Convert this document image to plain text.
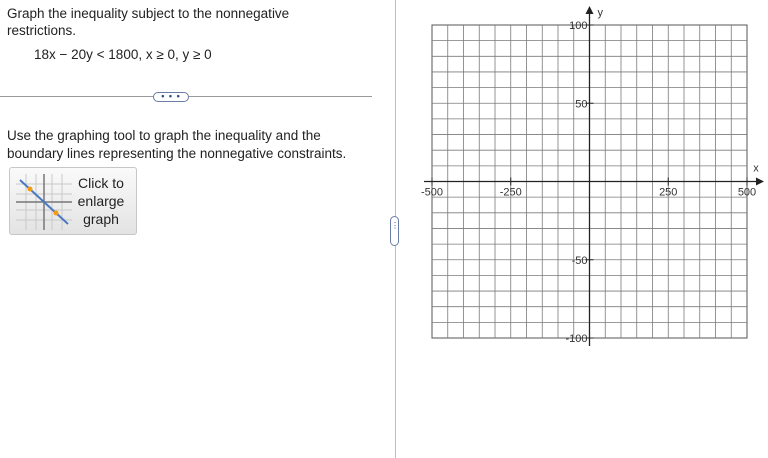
Graph the inequality subject to the nonnegative restrictions.
18x − 20y < 1800, x ≥ 0, y ≥ 0
• • •
Use the graphing tool to graph the inequality and the boundary lines representing the nonnegative constraints.
Click to enlarge graph	⋮
-500	-250	250	500
100
50
-50
-100
x
y
